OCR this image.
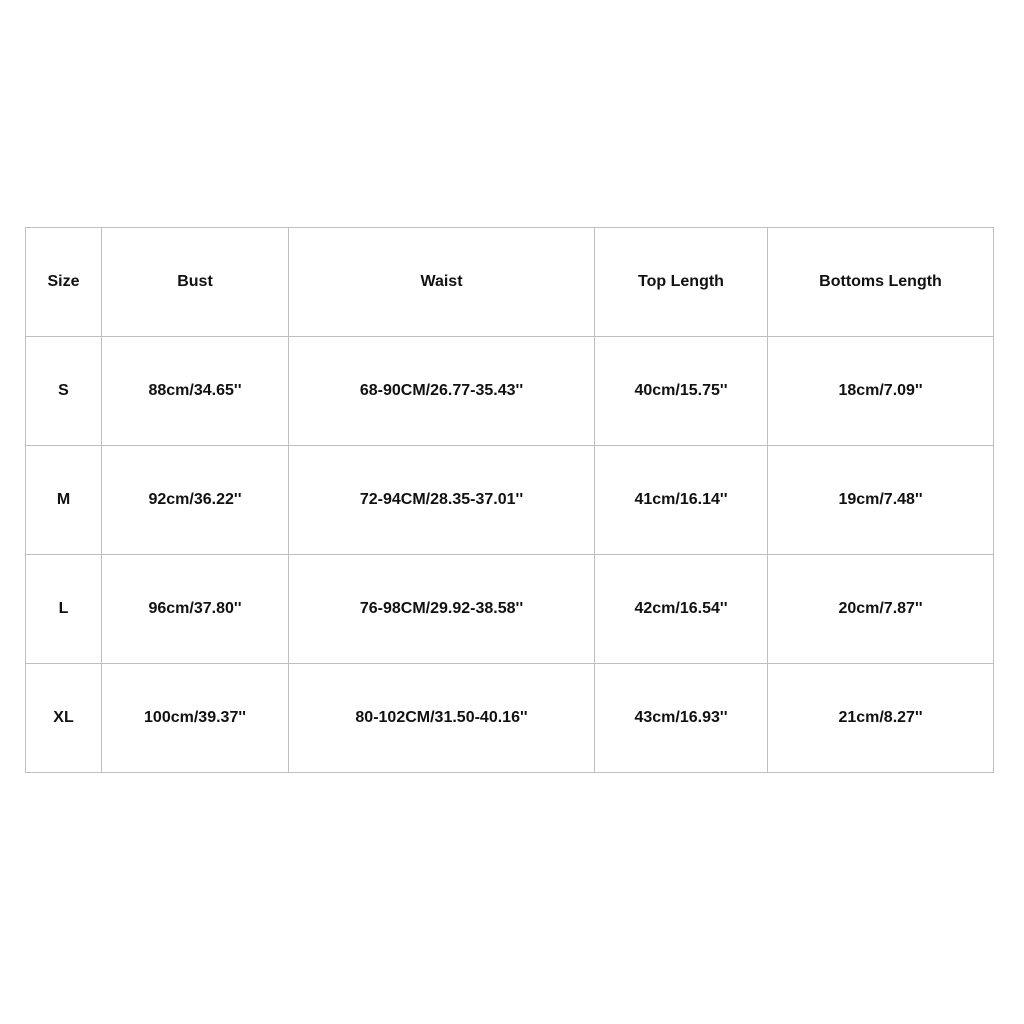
Size	Bust	Waist	Top Length	Bottoms Length
S	88cm/34.65''	68-90CM/26.77-35.43''	40cm/15.75''	18cm/7.09''
M	92cm/36.22''	72-94CM/28.35-37.01''	41cm/16.14''	19cm/7.48''
L	96cm/37.80''	76-98CM/29.92-38.58''	42cm/16.54''	20cm/7.87''
XL	100cm/39.37''	80-102CM/31.50-40.16''	43cm/16.93''	21cm/8.27''
